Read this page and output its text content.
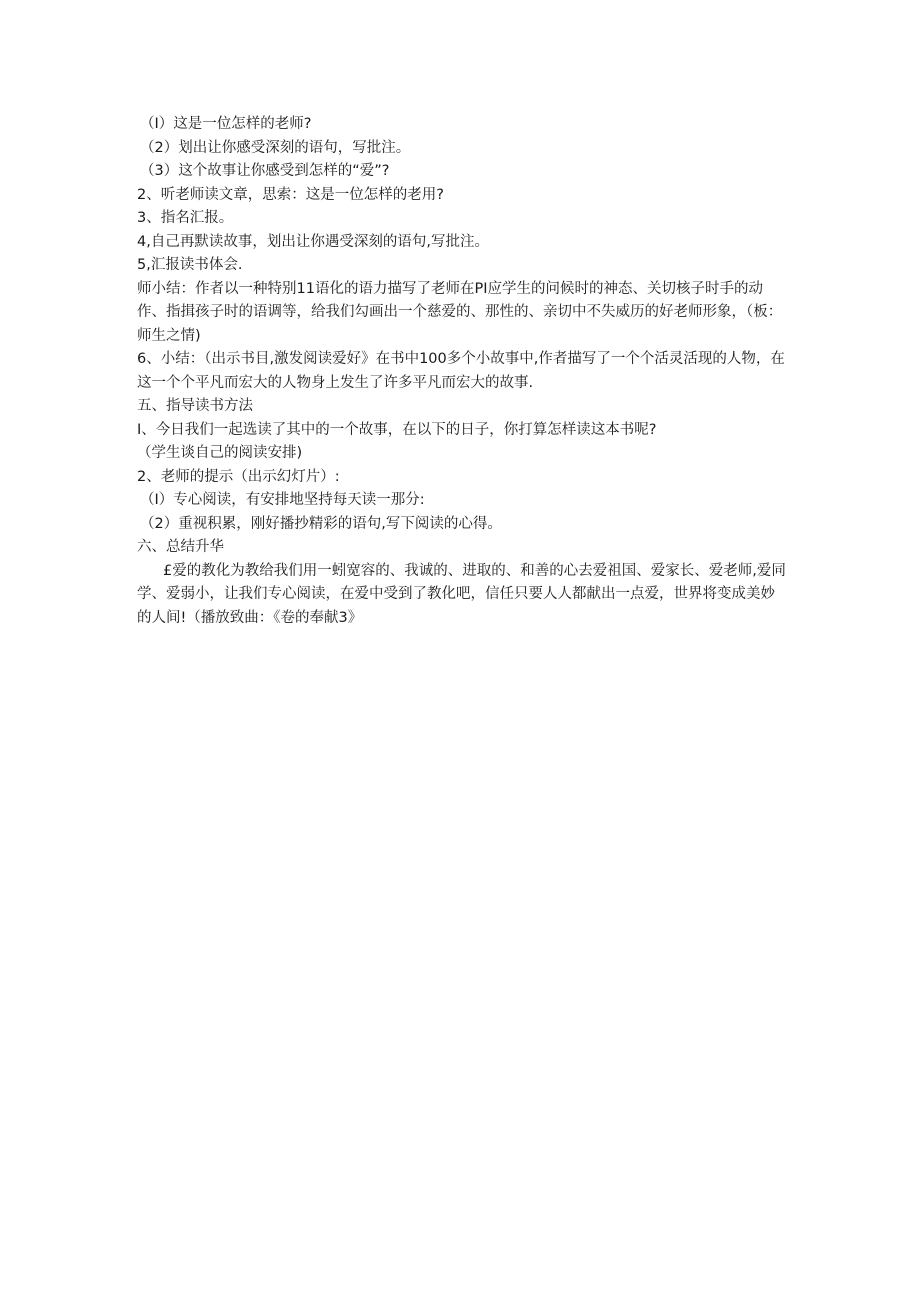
（I）这是一位怎样的老师?
（2）划出让你感受深刻的语句，写批注。
（3）这个故事让你感受到怎样的“爱”?
2、听老师读文章，思索：这是一位怎样的老用?
3、指名汇报。
4,自己再默读故事，划出让你遇受深刻的语句,写批注。
5,汇报读书体会.
师小结：作者以一种特别11语化的语力描写了老师在PI应学生的问候时的神态、关切核子时手的动作、指揖孩子时的语调等，给我们勾画出一个慈爱的、那性的、亲切中不失威历的好老师形象，（板：师生之情)
6、小结：（出示书目,激发阅读爱好》在书中100多个小故事中,作者描写了一个个活灵活现的人物，在这一个个平凡而宏大的人物身上发生了许多平凡而宏大的故事.
五、指导读书方法
I、今日我们一起选读了其中的一个故事，在以下的日子，你打算怎样读这本书呢?
（学生谈自己的阅读安排)
2、老师的提示（出示幻灯片）:
（I）专心阅读，有安排地坚持每天读一那分:
（2）重视积累，刚好播抄精彩的语句,写下阅读的心得。
六、总结升华
£爱的教化为教给我们用一蚓宽容的、我诚的、进取的、和善的心去爱祖国、爱家长、爱老师,爱同学、爱弱小，让我们专心阅读，在爱中受到了教化吧，信任只要人人都献出一点爱，世界将变成美妙的人间!（播放致曲：《卷的奉献3》
